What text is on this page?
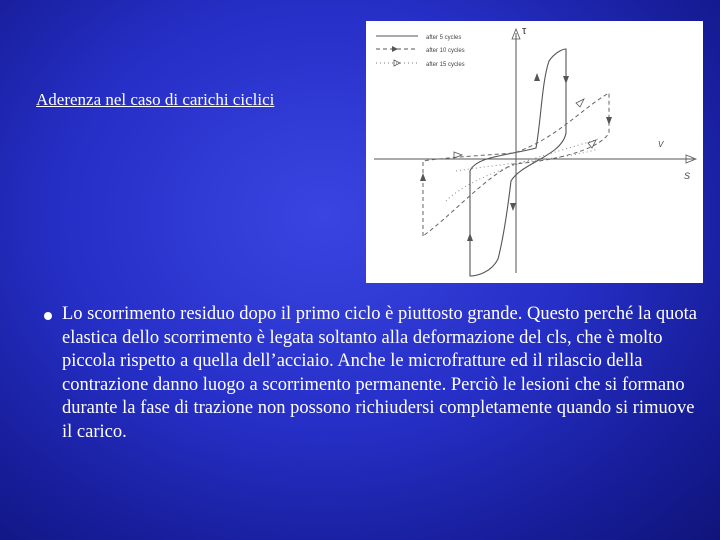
Aderenza nel caso di carichi ciclici
after 5 cycles
after 10 cycles
after 15 cycles
τ
S
V
Lo scorrimento residuo dopo il primo ciclo è piuttosto grande. Questo perché la quota elastica dello scorrimento è legata soltanto alla deformazione del cls, che è molto piccola rispetto a quella dell’acciaio. Anche le microfratture ed il rilascio della contrazione danno luogo a scorrimento permanente. Perciò le lesioni che si formano durante la fase di trazione non possono richiudersi completamente quando si rimuove il carico.
